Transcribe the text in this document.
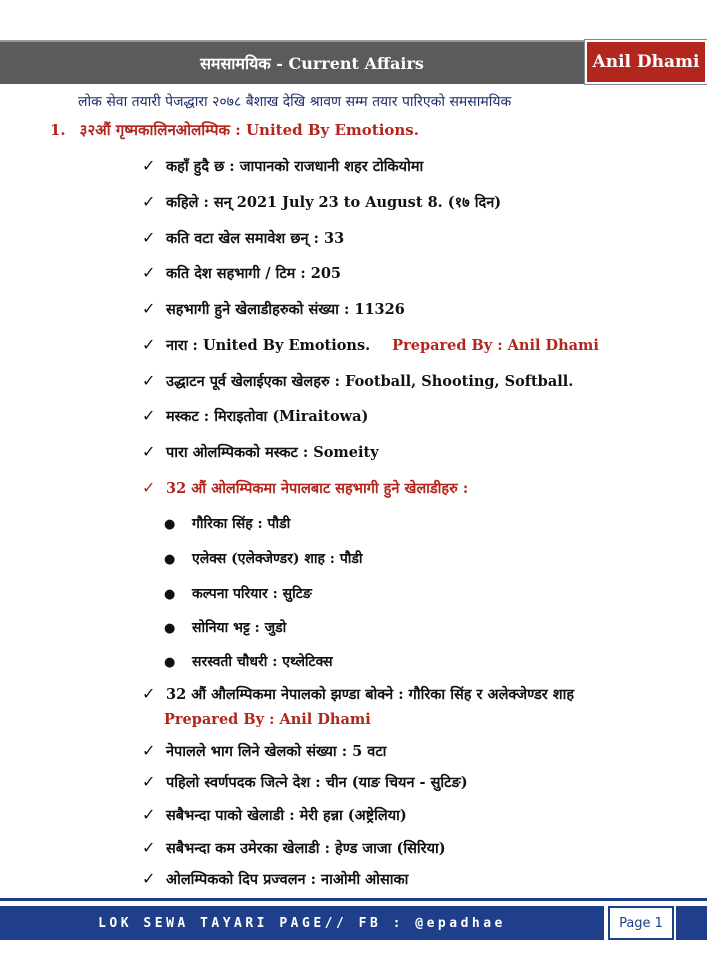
समसामयिक - Current Affairs	Anil Dhami
लोक सेवा तयारी पेजद्धारा २०७८ बैशाख देखि श्रावण सम्म तयार पारिएको समसामयिक
1. ३२औं गृष्मकालिनओलम्पिक : United By Emotions.
✓ कहाँ हुदै छ : जापानको राजधानी शहर टोकियोमा
✓ कहिले : सन् 2021 July 23 to August 8. (१७ दिन)
✓ कति वटा खेल समावेश छन् : 33
✓ कति देश सहभागी / टिम : 205
✓ सहभागी हुने खेलाडीहरुको संख्या : 11326
✓ नारा : United By Emotions. Prepared By : Anil Dhami
✓ उद्धाटन पूर्व खेलाईएका खेलहरु : Football, Shooting, Softball.
✓ मस्कट : मिराइतोवा (Miraitowa)
✓ पारा ओलम्पिकको मस्कट : Someity
✓ 32 औं ओलम्पिकमा नेपालबाट सहभागी हुने खेलाडीहरु :
● गौरिका सिंह : पौडी
● एलेक्स (एलेक्जेण्डर) शाह : पौडी
● कल्पना परियार : सुटिङ
● सोनिया भट्ट : जुडो
● सरस्वती चौधरी : एथ्लेटिक्स
✓ 32 औं औलम्पिकमा नेपालको झण्डा बोक्ने : गौरिका सिंह र अलेक्जेण्डर शाह
Prepared By : Anil Dhami
✓ नेपालले भाग लिने खेलको संख्या : 5 वटा
✓ पहिलो स्वर्णपदक जित्ने देश : चीन (याङ चियन - सुटिङ)
✓ सबैभन्दा पाको खेलाडी : मेरी हन्ना (अष्ट्रेलिया)
✓ सबैभन्दा कम उमेरका खेलाडी : हेण्ड जाजा (सिरिया)
✓ ओलम्पिकको दिप प्रज्वलन : नाओमी ओसाका
LOK SEWA TAYARI PAGE// FB : @epadhae	Page 1
